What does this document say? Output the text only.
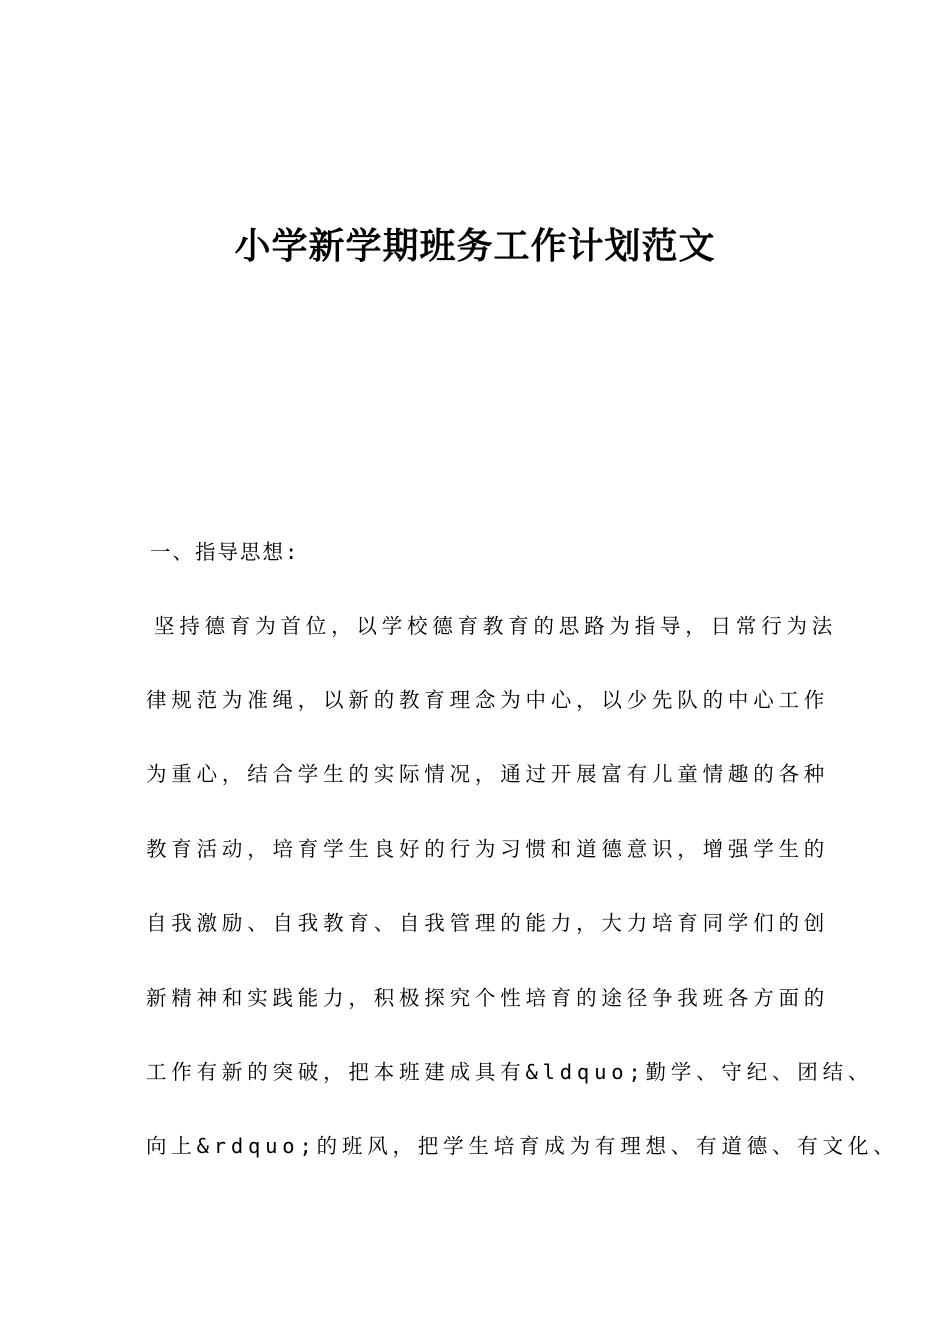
小学新学期班务工作计划范文

一、指导思想:

坚持德育为首位，以学校德育教育的思路为指导，日常行为法

律规范为准绳，以新的教育理念为中心，以少先队的中心工作

为重心，结合学生的实际情况，通过开展富有儿童情趣的各种

教育活动，培育学生良好的行为习惯和道德意识，增强学生的

自我激励、自我教育、自我管理的能力，大力培育同学们的创

新精神和实践能力，积极探究个性培育的途径争我班各方面的

工作有新的突破，把本班建成具有&ldquo;勤学、守纪、团结、

向上&rdquo;的班风，把学生培育成为有理想、有道德、有文化、
